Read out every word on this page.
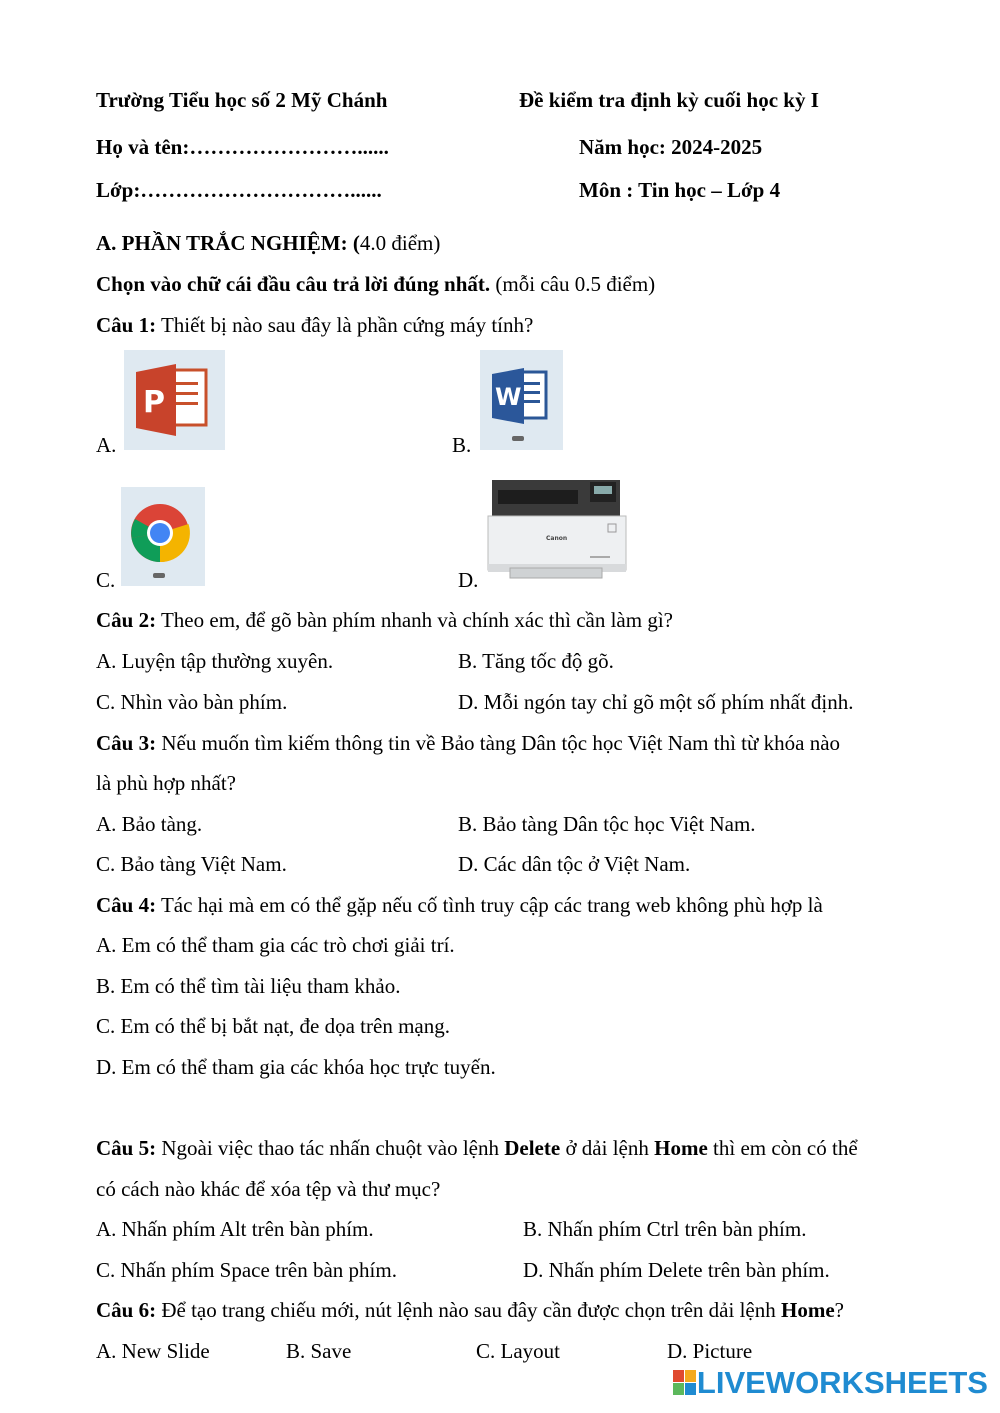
Trường Tiểu học số 2 Mỹ Chánh	Đề kiểm tra định kỳ cuối học kỳ I
Họ và tên:……………………......	Năm học: 2024-2025
Lớp:…………………………......	Môn : Tin học – Lớp 4
A. PHẦN TRẮC NGHIỆM: (4.0 điểm)
Chọn vào chữ cái đầu câu trả lời đúng nhất. (mỗi câu 0.5 điểm)
Câu 1: Thiết bị nào sau đây là phần cứng máy tính?
A.
P
B.
W
C.	D.
Canon
Câu 2: Theo em, để gõ bàn phím nhanh và chính xác thì cần làm gì?
A. Luyện tập thường xuyên.	B. Tăng tốc độ gõ.
C. Nhìn vào bàn phím.	D. Mỗi ngón tay chỉ gõ một số phím nhất định.
Câu 3: Nếu muốn tìm kiếm thông tin về Bảo tàng Dân tộc học Việt Nam thì từ khóa nào
là phù hợp nhất?
A. Bảo tàng.	B. Bảo tàng Dân tộc học Việt Nam.
C. Bảo tàng Việt Nam.	D. Các dân tộc ở Việt Nam.
Câu 4: Tác hại mà em có thể gặp nếu cố tình truy cập các trang web không phù hợp là
A. Em có thể tham gia các trò chơi giải trí.
B. Em có thể tìm tài liệu tham khảo.
C. Em có thể bị bắt nạt, đe dọa trên mạng.
D. Em có thể tham gia các khóa học trực tuyến.
Câu 5: Ngoài việc thao tác nhấn chuột vào lệnh Delete ở dải lệnh Home thì em còn có thể
có cách nào khác để xóa tệp và thư mục?
A. Nhấn phím Alt trên bàn phím.	B. Nhấn phím Ctrl trên bàn phím.
C. Nhấn phím Space trên bàn phím.	D. Nhấn phím Delete trên bàn phím.
Câu 6: Để tạo trang chiếu mới, nút lệnh nào sau đây cần được chọn trên dải lệnh Home?
A. New Slide	B. Save	C. Layout	D. Picture
LIVEWORKSHEETS
